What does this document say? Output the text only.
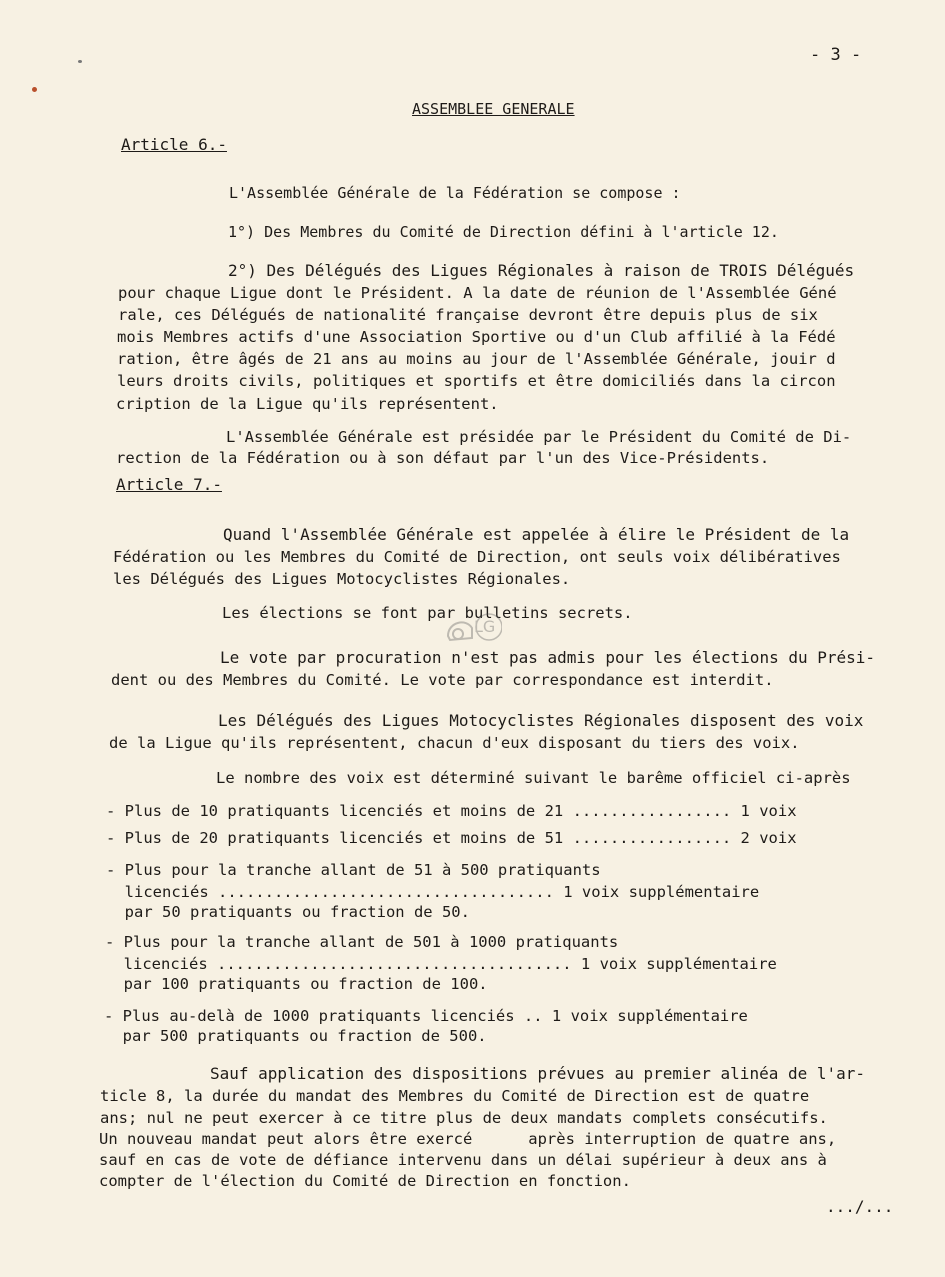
- 3 -
ASSEMBLEE GENERALE
Article 6.-
L'Assemblée Générale de la Fédération se compose :
1°) Des Membres du Comité de Direction défini à l'article 12.
2°) Des Délégués des Ligues Régionales à raison de TROIS Délégués
pour chaque Ligue dont le Président. A la date de réunion de l'Assemblée Géné
rale, ces Délégués de nationalité française devront être depuis plus de six
mois Membres actifs d'une Association Sportive ou d'un Club affilié à la Fédé
ration, être âgés de 21 ans au moins au jour de l'Assemblée Générale, jouir d
leurs droits civils, politiques et sportifs et être domiciliés dans la circon
cription de la Ligue qu'ils représentent.
L'Assemblée Générale est présidée par le Président du Comité de Di-
rection de la Fédération ou à son défaut par l'un des Vice-Présidents.
Article 7.-
Quand l'Assemblée Générale est appelée à élire le Président de la
Fédération ou les Membres du Comité de Direction, ont seuls voix délibératives
les Délégués des Ligues Motocyclistes Régionales.
Les élections se font par bulletins secrets.
Le vote par procuration n'est pas admis pour les élections du Prési-
dent ou des Membres du Comité. Le vote par correspondance est interdit.
Les Délégués des Ligues Motocyclistes Régionales disposent des voix
de la Ligue qu'ils représentent, chacun d'eux disposant du tiers des voix.
Le nombre des voix est déterminé suivant le barême officiel ci-après
- Plus de 10 pratiquants licenciés et moins de 21 ................. 1 voix
- Plus de 20 pratiquants licenciés et moins de 51 ................. 2 voix
- Plus pour la tranche allant de 51 à 500 pratiquants
licenciés .................................... 1 voix supplémentaire
par 50 pratiquants ou fraction de 50.
- Plus pour la tranche allant de 501 à 1000 pratiquants
licenciés ...................................... 1 voix supplémentaire
par 100 pratiquants ou fraction de 100.
- Plus au-delà de 1000 pratiquants licenciés .. 1 voix supplémentaire
par 500 pratiquants ou fraction de 500.
Sauf application des dispositions prévues au premier alinéa de l'ar-
ticle 8, la durée du mandat des Membres du Comité de Direction est de quatre
ans; nul ne peut exercer à ce titre plus de deux mandats complets consécutifs.
Un nouveau mandat peut alors être exercé      après interruption de quatre ans,
sauf en cas de vote de défiance intervenu dans un délai supérieur à deux ans à
compter de l'élection du Comité de Direction en fonction.
.../...
LG
